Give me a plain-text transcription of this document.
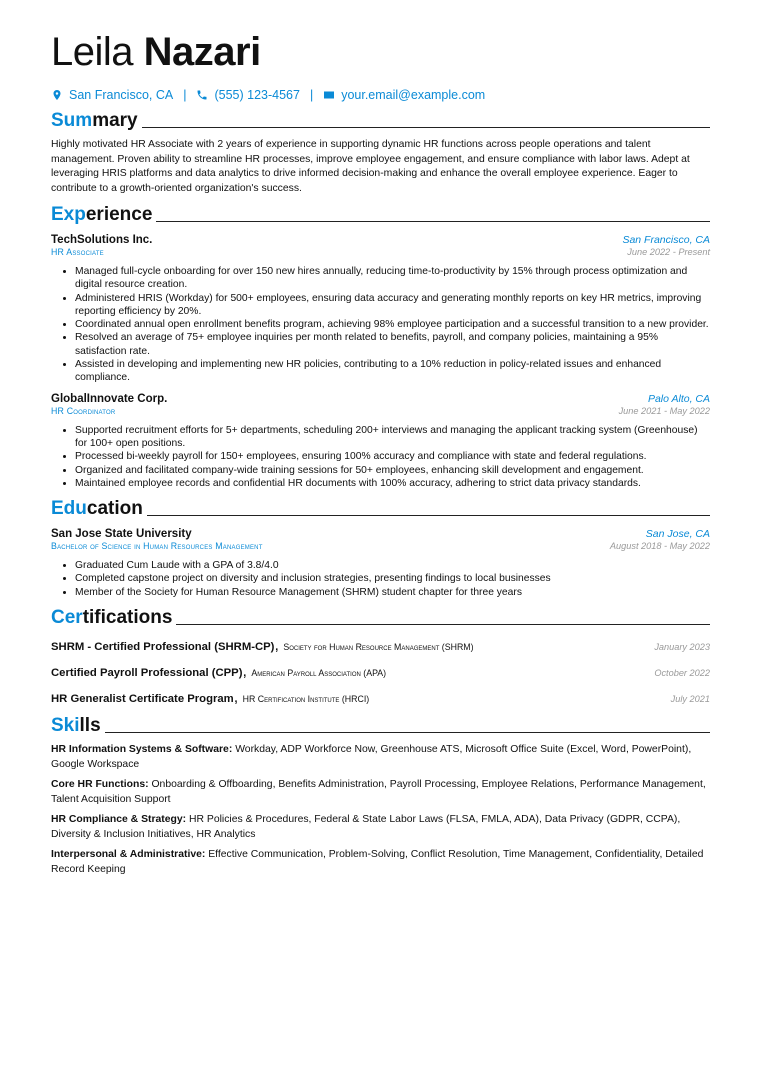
Leila Nazari
San Francisco, CA | (555) 123-4567 | your.email@example.com
Summary
Highly motivated HR Associate with 2 years of experience in supporting dynamic HR functions across people operations and talent management. Proven ability to streamline HR processes, improve employee engagement, and ensure compliance with labor laws. Adept at leveraging HRIS platforms and data analytics to drive informed decision-making and enhance the overall employee experience. Eager to contribute to a growth-oriented organization's success.
Experience
TechSolutions Inc.	San Francisco, CA
HR Associate	June 2022 - Present
• Managed full-cycle onboarding for over 150 new hires annually, reducing time-to-productivity by 15% through process optimization and digital resource creation.
• Administered HRIS (Workday) for 500+ employees, ensuring data accuracy and generating monthly reports on key HR metrics, improving reporting efficiency by 20%.
• Coordinated annual open enrollment benefits program, achieving 98% employee participation and a successful transition to a new provider.
• Resolved an average of 75+ employee inquiries per month related to benefits, payroll, and company policies, maintaining a 95% satisfaction rate.
• Assisted in developing and implementing new HR policies, contributing to a 10% reduction in policy-related issues and enhanced compliance.
GlobalInnovate Corp.	Palo Alto, CA
HR Coordinator	June 2021 - May 2022
• Supported recruitment efforts for 5+ departments, scheduling 200+ interviews and managing the applicant tracking system (Greenhouse) for 100+ open positions.
• Processed bi-weekly payroll for 150+ employees, ensuring 100% accuracy and compliance with state and federal regulations.
• Organized and facilitated company-wide training sessions for 50+ employees, enhancing skill development and engagement.
• Maintained employee records and confidential HR documents with 100% accuracy, adhering to strict data privacy standards.
Education
San Jose State University	San Jose, CA
Bachelor of Science in Human Resources Management	August 2018 - May 2022
• Graduated Cum Laude with a GPA of 3.8/4.0
• Completed capstone project on diversity and inclusion strategies, presenting findings to local businesses
• Member of the Society for Human Resource Management (SHRM) student chapter for three years
Certifications
SHRM - Certified Professional (SHRM-CP), Society for Human Resource Management (SHRM)	January 2023
Certified Payroll Professional (CPP), American Payroll Association (APA)	October 2022
HR Generalist Certificate Program, HR Certification Institute (HRCI)	July 2021
Skills
HR Information Systems & Software: Workday, ADP Workforce Now, Greenhouse ATS, Microsoft Office Suite (Excel, Word, PowerPoint), Google Workspace
Core HR Functions: Onboarding & Offboarding, Benefits Administration, Payroll Processing, Employee Relations, Performance Management, Talent Acquisition Support
HR Compliance & Strategy: HR Policies & Procedures, Federal & State Labor Laws (FLSA, FMLA, ADA), Data Privacy (GDPR, CCPA), Diversity & Inclusion Initiatives, HR Analytics
Interpersonal & Administrative: Effective Communication, Problem-Solving, Conflict Resolution, Time Management, Confidentiality, Detailed Record Keeping
